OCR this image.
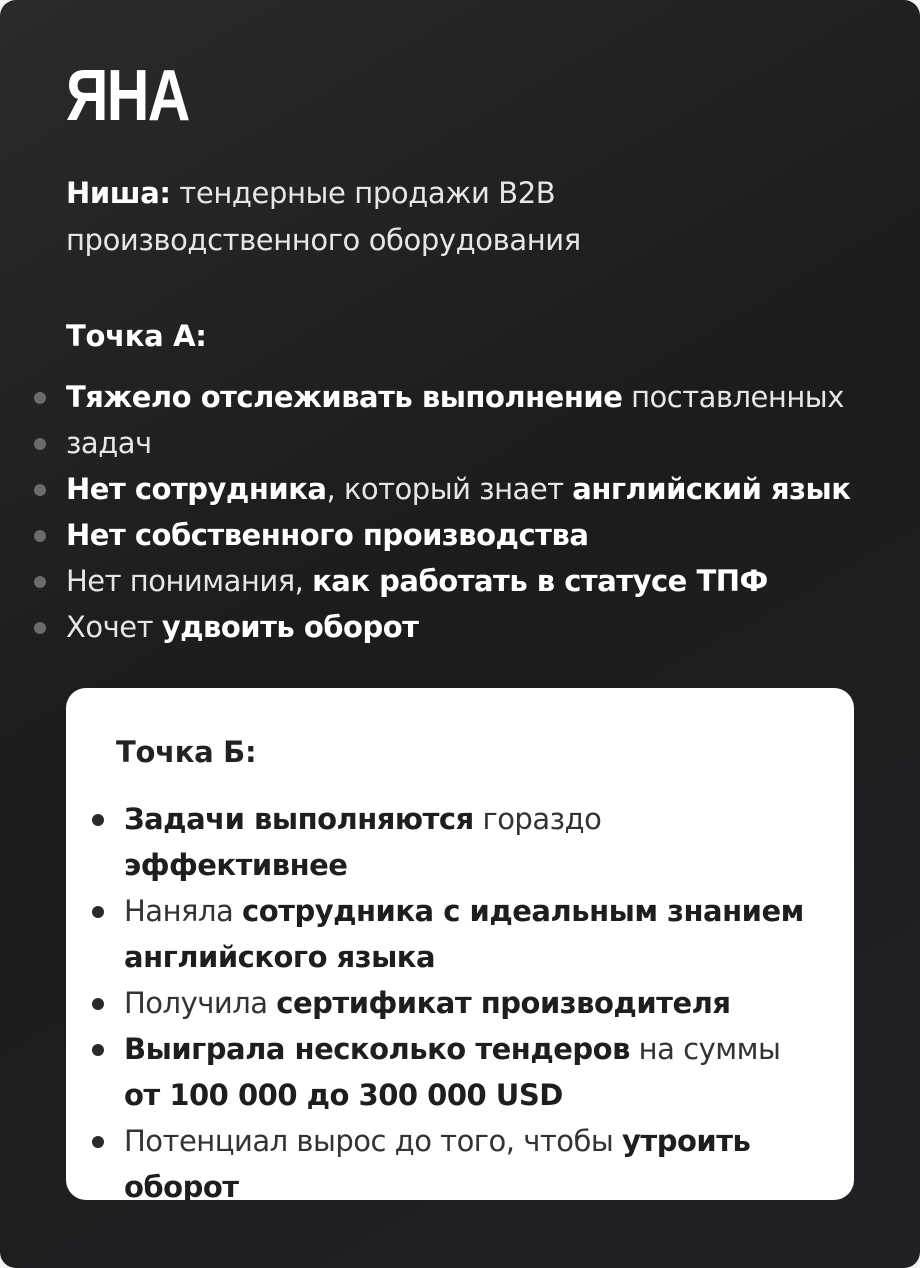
ЯНА

Ниша: тендерные продажи B2B производственного оборудования

Точка А:
Тяжело отслеживать выполнение поставленных задач
Нет сотрудника, который знает английский язык
Нет собственного производства
Нет понимания, как работать в статусе ТПФ
Хочет удвоить оборот
Точка Б:
Задачи выполняются гораздо эффективнее
Наняла сотрудника с идеальным знанием английского языка
Получила сертификат производителя
Выиграла несколько тендеров на суммы от 100 000 до 300 000 USD
Потенциал вырос до того, чтобы утроить оборот
